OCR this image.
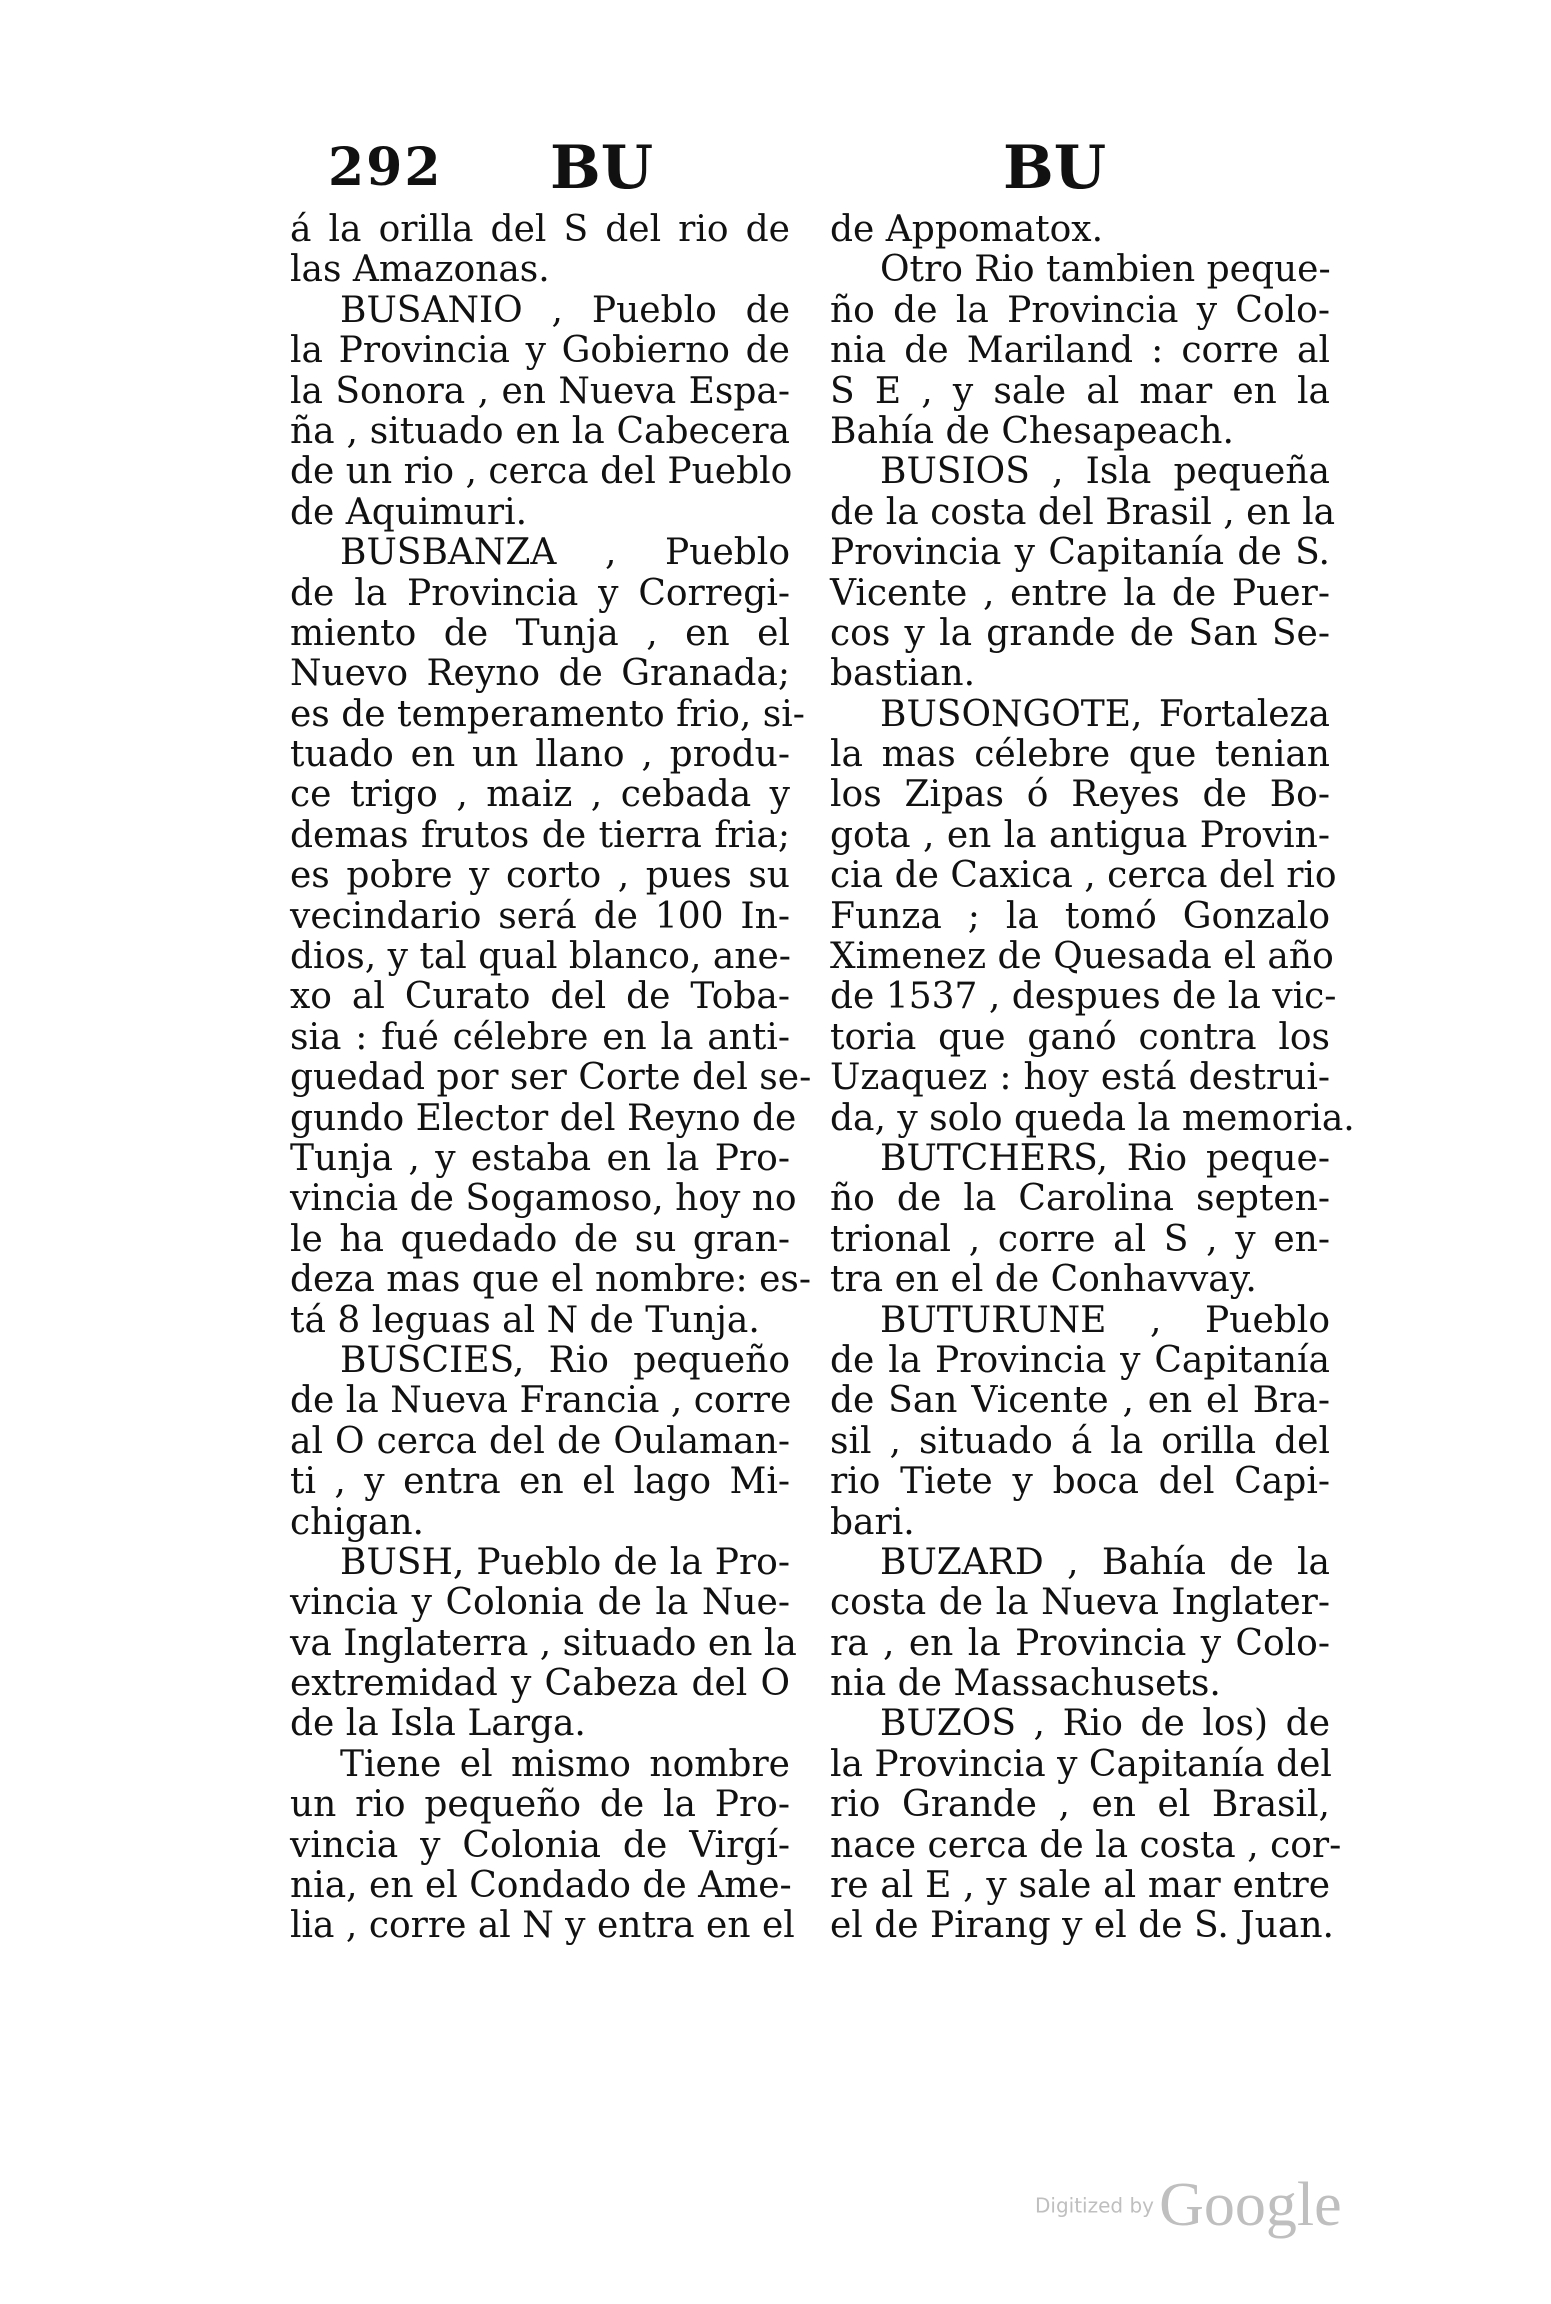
292 BU	BU
á la orilla del S del rio de
las Amazonas.
BUSANIO , Pueblo de
la Provincia y Gobierno de
la Sonora , en Nueva Espa-
ña , situado en la Cabecera
de un rio , cerca del Pueblo
de Aquimuri.
BUSBANZA , Pueblo
de la Provincia y Corregi-
miento de Tunja , en el
Nuevo Reyno de Granada;
es de temperamento frio, si-
tuado en un llano , produ-
ce trigo , maiz , cebada y
demas frutos de tierra fria;
es pobre y corto , pues su
vecindario será de 100 In-
dios, y tal qual blanco, ane-
xo al Curato del de Toba-
sia : fué célebre en la anti-
guedad por ser Corte del se-
gundo Elector del Reyno de
Tunja , y estaba en la Pro-
vincia de Sogamoso, hoy no
le ha quedado de su gran-
deza mas que el nombre: es-
tá 8 leguas al N de Tunja.
BUSCIES, Rio pequeño
de la Nueva Francia , corre
al O cerca del de Oulaman-
ti , y entra en el lago Mi-
chigan.
BUSH, Pueblo de la Pro-
vincia y Colonia de la Nue-
va Inglaterra , situado en la
extremidad y Cabeza del O
de la Isla Larga.
Tiene el mismo nombre
un rio pequeño de la Pro-
vincia y Colonia de Virgí-
nia, en el Condado de Ame-
lia , corre al N y entra en el
de Appomatox.
Otro Rio tambien peque-
ño de la Provincia y Colo-
nia de Mariland : corre al
S E , y sale al mar en la
Bahía de Chesapeach.
BUSIOS , Isla pequeña
de la costa del Brasil , en la
Provincia y Capitanía de S.
Vicente , entre la de Puer-
cos y la grande de San Se-
bastian.
BUSONGOTE, Fortaleza
la mas célebre que tenian
los Zipas ó Reyes de Bo-
gota , en la antigua Provin-
cia de Caxica , cerca del rio
Funza ; la tomó Gonzalo
Ximenez de Quesada el año
de 1537 , despues de la vic-
toria que ganó contra los
Uzaquez : hoy está destrui-
da, y solo queda la memoria.
BUTCHERS, Rio peque-
ño de la Carolina septen-
trional , corre al S , y en-
tra en el de Conhavvay.
BUTURUNE , Pueblo
de la Provincia y Capitanía
de San Vicente , en el Bra-
sil , situado á la orilla del
rio Tiete y boca del Capi-
bari.
BUZARD , Bahía de la
costa de la Nueva Inglater-
ra , en la Provincia y Colo-
nia de Massachusets.
BUZOS , Rio de los) de
la Provincia y Capitanía del
rio Grande , en el Brasil,
nace cerca de la costa , cor-
re al E , y sale al mar entre
el de Pirang y el de S. Juan.
Digitized by Google
